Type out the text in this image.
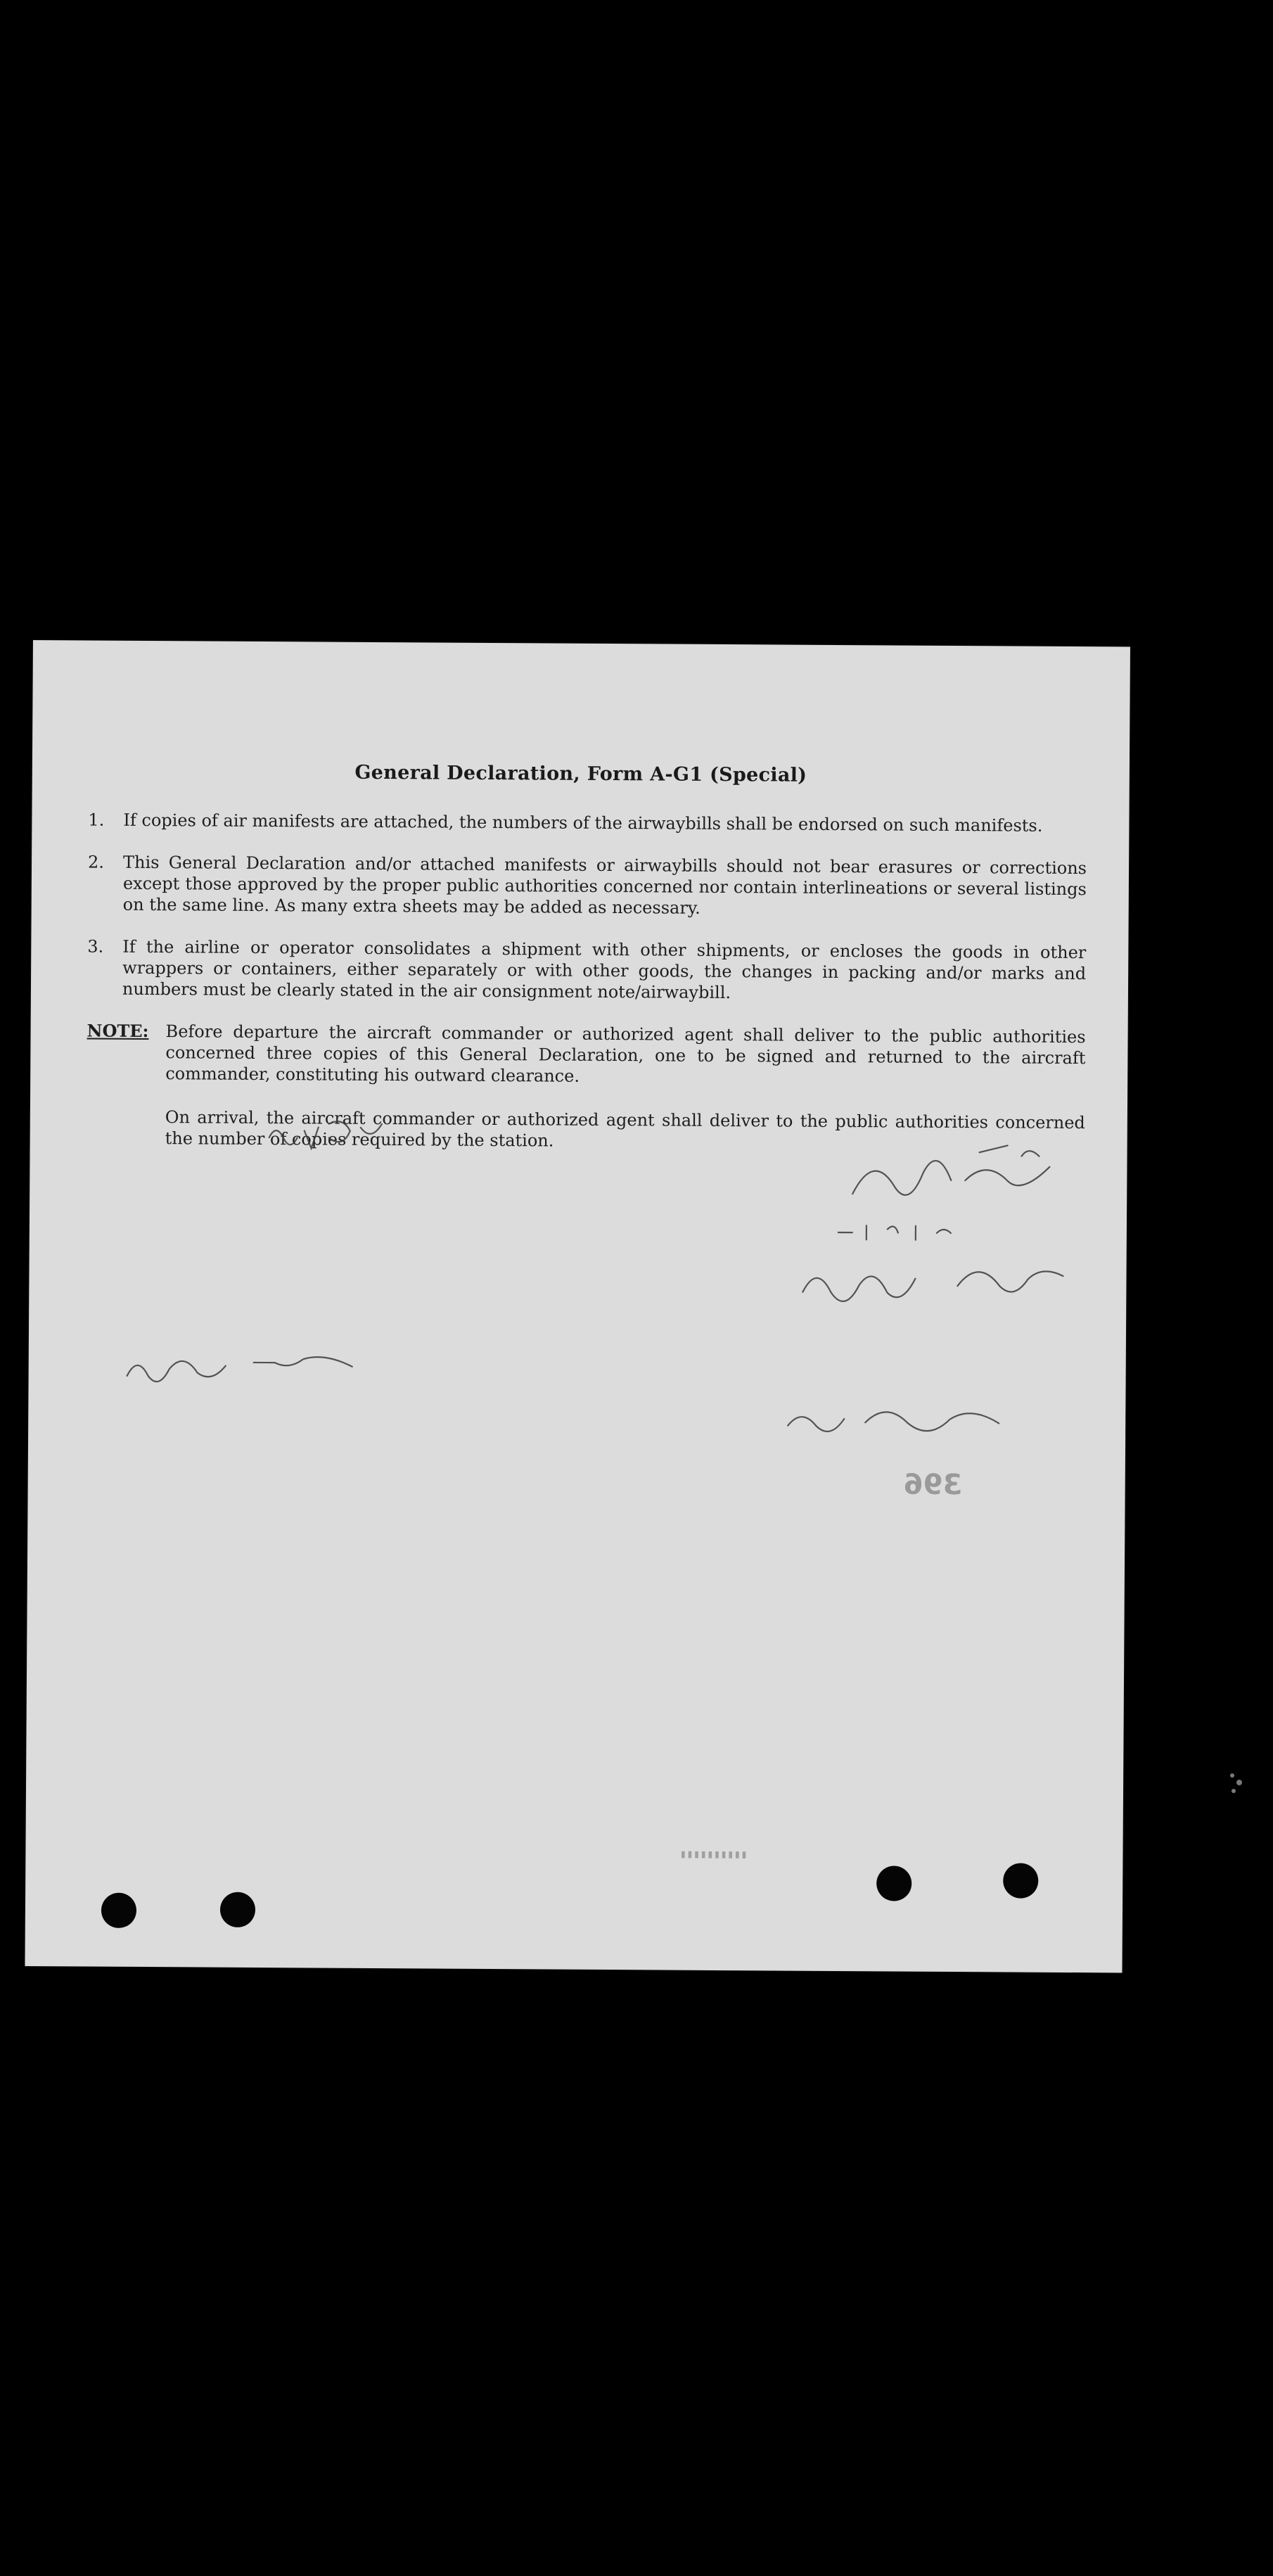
General Declaration, Form A-G1 (Special)
1. If copies of air manifests are attached, the numbers of the airwaybills shall be endorsed on such manifests.
2. This General Declaration and/or attached manifests or airwaybills should not bear erasures or corrections except those approved by the proper public authorities concerned nor contain interlineations or several listings on the same line. As many extra sheets may be added as necessary.
3. If the airline or operator consolidates a shipment with other shipments, or encloses the goods in other wrappers or containers, either separately or with other goods, the changes in packing and/or marks and numbers must be clearly stated in the air consignment note/airwaybill.
NOTE: Before departure the aircraft commander or authorized agent shall deliver to the public authorities concerned three copies of this General Declaration, one to be signed and returned to the aircraft commander, constituting his outward clearance.

On arrival, the aircraft commander or authorized agent shall deliver to the public authorities concerned the number of copies required by the station.

396
▮▮▮▮▮▮▮▮▮▮
